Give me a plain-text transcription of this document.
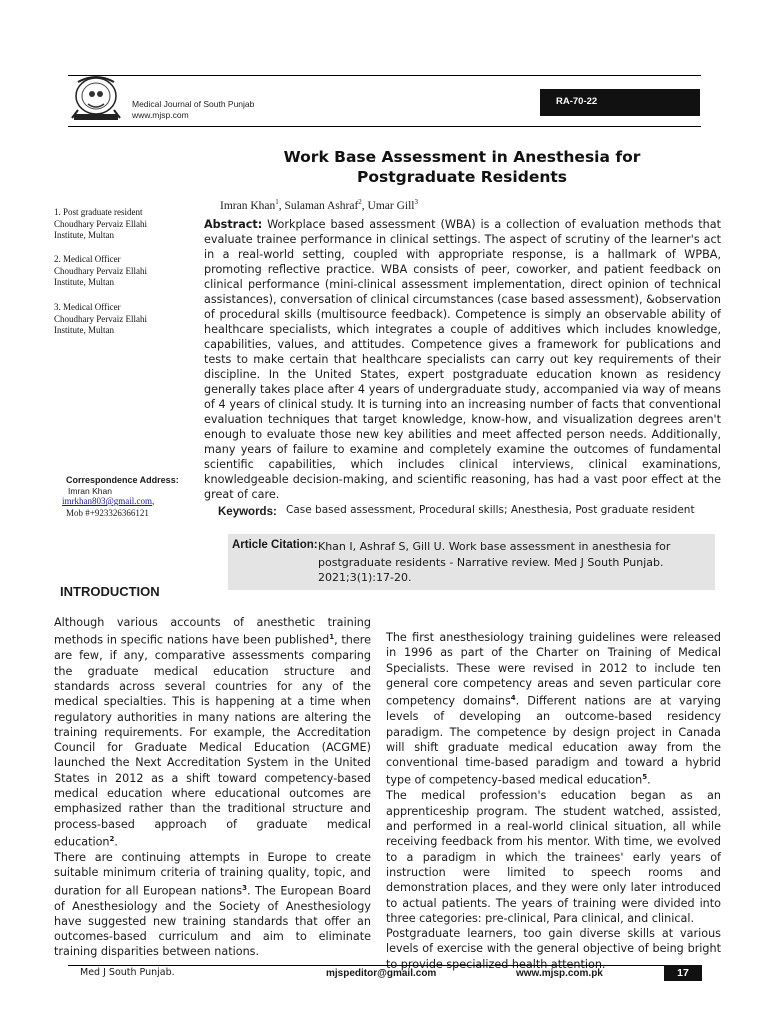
Medical Journal of South Punjab
www.mjsp.com
RA-70-22
Work Base Assessment in Anesthesia for Postgraduate Residents
Imran Khan$^1$, Sulaman Ashraf$^2$, Umar Gill$^3$
1. Post graduate resident
Choudhary Pervaiz Ellahi
Institute, Multan
2. Medical Officer
Choudhary Pervaiz Ellahi
Institute, Multan
3. Medical Officer
Choudhary Pervaiz Ellahi
Institute, Multan
Abstract: Workplace based assessment (WBA) is a collection of evaluation methods that evaluate trainee performance in clinical settings. The aspect of scrutiny of the learner's act in a real-world setting, coupled with appropriate response, is a hallmark of WPBA, promoting reflective practice. WBA consists of peer, coworker, and patient feedback on clinical performance (mini-clinical assessment implementation, direct opinion of technical assistances), conversation of clinical circumstances (case based assessment), &observation of procedural skills (multisource feedback). Competence is simply an observable ability of healthcare specialists, which integrates a couple of additives which includes knowledge, capabilities, values, and attitudes. Competence gives a framework for publications and tests to make certain that healthcare specialists can carry out key requirements of their discipline. In the United States, expert postgraduate education known as residency generally takes place after 4 years of undergraduate study, accompanied via way of means of 4 years of clinical study. It is turning into an increasing number of facts that conventional evaluation techniques that target knowledge, know-how, and visualization degrees aren't enough to evaluate those new key abilities and meet affected person needs. Additionally, many years of failure to examine and completely examine the outcomes of fundamental scientific capabilities, which includes clinical interviews, clinical examinations, knowledgeable decision-making, and scientific reasoning, has had a vast poor effect at the great of care.
Keywords: Case based assessment, Procedural skills; Anesthesia, Post graduate resident
Correspondence Address:
Imran Khan
imrkhan803@gmail.com,
Mob #+923326366121
Article Citation: Khan I, Ashraf S, Gill U. Work base assessment in anesthesia for postgraduate residents - Narrative review. Med J South Punjab. 2021;3(1):17-20.
INTRODUCTION
Although various accounts of anesthetic training methods in specific nations have been published$^1$, there are few, if any, comparative assessments comparing the graduate medical education structure and standards across several countries for any of the medical specialties. This is happening at a time when regulatory authorities in many nations are altering the training requirements. For example, the Accreditation Council for Graduate Medical Education (ACGME) launched the Next Accreditation System in the United States in 2012 as a shift toward competency-based medical education where educational outcomes are emphasized rather than the traditional structure and process-based approach of graduate medical education$^2$.
There are continuing attempts in Europe to create suitable minimum criteria of training quality, topic, and duration for all European nations$^3$. The European Board of Anesthesiology and the Society of Anesthesiology have suggested new training standards that offer an outcomes-based curriculum and aim to eliminate training disparities between nations.
The first anesthesiology training guidelines were released in 1996 as part of the Charter on Training of Medical Specialists. These were revised in 2012 to include ten general core competency areas and seven particular core competency domains$^4$. Different nations are at varying levels of developing an outcome-based residency paradigm. The competence by design project in Canada will shift graduate medical education away from the conventional time-based paradigm and toward a hybrid type of competency-based medical education$^5$.
The medical profession's education began as an apprenticeship program. The student watched, assisted, and performed in a real-world clinical situation, all while receiving feedback from his mentor. With time, we evolved to a paradigm in which the trainees' early years of instruction were limited to speech rooms and demonstration places, and they were only later introduced to actual patients. The years of training were divided into three categories: pre-clinical, Para clinical, and clinical.
Postgraduate learners, too gain diverse skills at various levels of exercise with the general objective of being bright
Med J South Punjab.	mjspeditor@gmail.com	www.mjsp.com.pk	17
